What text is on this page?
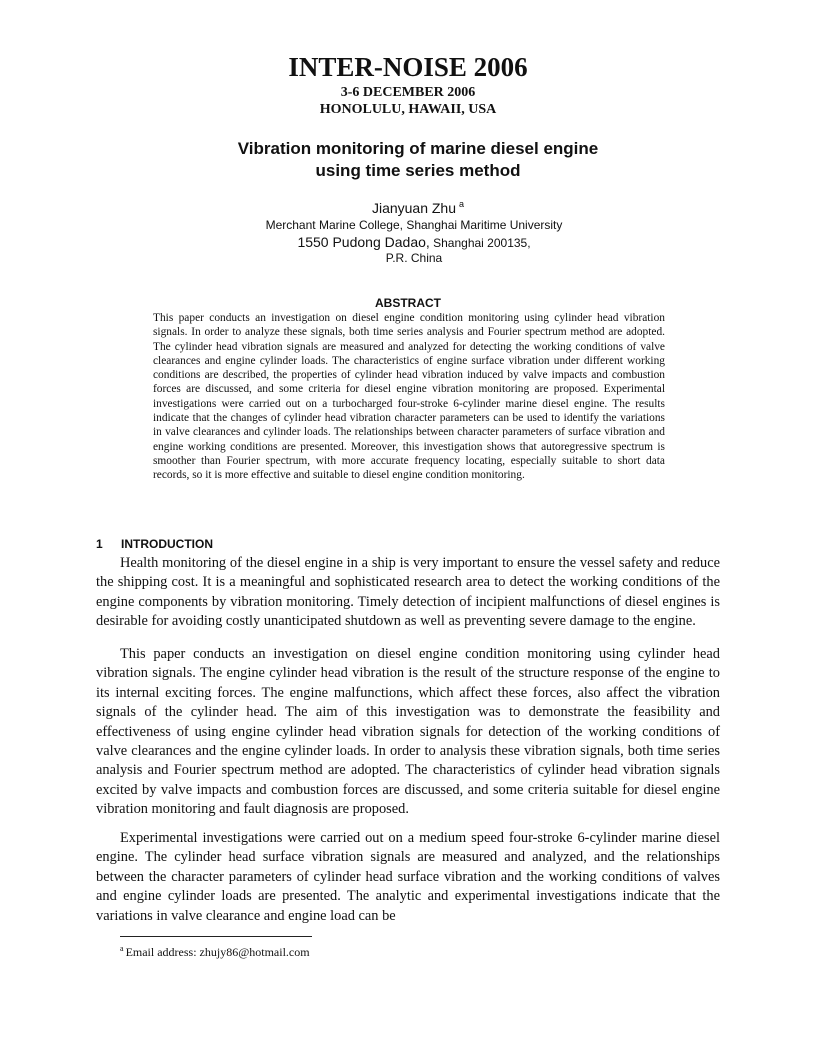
INTER-NOISE 2006
3-6 DECEMBER 2006
HONOLULU, HAWAII, USA
Vibration monitoring of marine diesel engine
using time series method
Jianyuan Zhu $^a$
Merchant Marine College, Shanghai Maritime University
1550 Pudong Dadao, Shanghai 200135,
P.R. China
ABSTRACT

This paper conducts an investigation on diesel engine condition monitoring using cylinder head vibration signals. In order to analyze these signals, both time series analysis and Fourier spectrum method are adopted. The cylinder head vibration signals are measured and analyzed for detecting the working conditions of valve clearances and engine cylinder loads. The characteristics of engine surface vibration under different working conditions are described, the properties of cylinder head vibration induced by valve impacts and combustion forces are discussed, and some criteria for diesel engine vibration monitoring are proposed. Experimental investigations were carried out on a turbocharged four-stroke 6-cylinder marine diesel engine. The results indicate that the changes of cylinder head vibration character parameters can be used to identify the variations in valve clearances and cylinder loads. The relationships between character parameters of surface vibration and engine working conditions are presented. Moreover, this investigation shows that autoregressive spectrum is smoother than Fourier spectrum, with more accurate frequency locating, especially suitable to short data records, so it is more effective and suitable to diesel engine condition monitoring.

1 INTRODUCTION

Health monitoring of the diesel engine in a ship is very important to ensure the vessel safety and reduce the shipping cost. It is a meaningful and sophisticated research area to detect the working conditions of the engine components by vibration monitoring. Timely detection of incipient malfunctions of diesel engines is desirable for avoiding costly unanticipated shutdown as well as preventing severe damage to the engine.

This paper conducts an investigation on diesel engine condition monitoring using cylinder head vibration signals. The engine cylinder head vibration is the result of the structure response of the engine to its internal exciting forces. The engine malfunctions, which affect these forces, also affect the vibration signals of the cylinder head. The aim of this investigation was to demonstrate the feasibility and effectiveness of using engine cylinder head vibration signals for detection of the working conditions of valve clearances and the engine cylinder loads. In order to analysis these vibration signals, both time series analysis and Fourier spectrum method are adopted. The characteristics of cylinder head vibration signals excited by valve impacts and combustion forces are discussed, and some criteria suitable for diesel engine vibration monitoring and fault diagnosis are proposed.

Experimental investigations were carried out on a medium speed four-stroke 6-cylinder marine diesel engine. The cylinder head surface vibration signals are measured and analyzed, and the relationships between the character parameters of cylinder head surface vibration and the working conditions of valves and engine cylinder loads are presented. The analytic and experimental investigations indicate that the variations in valve clearance and engine load can be

$^a$ Email address: zhujy86@hotmail.com
